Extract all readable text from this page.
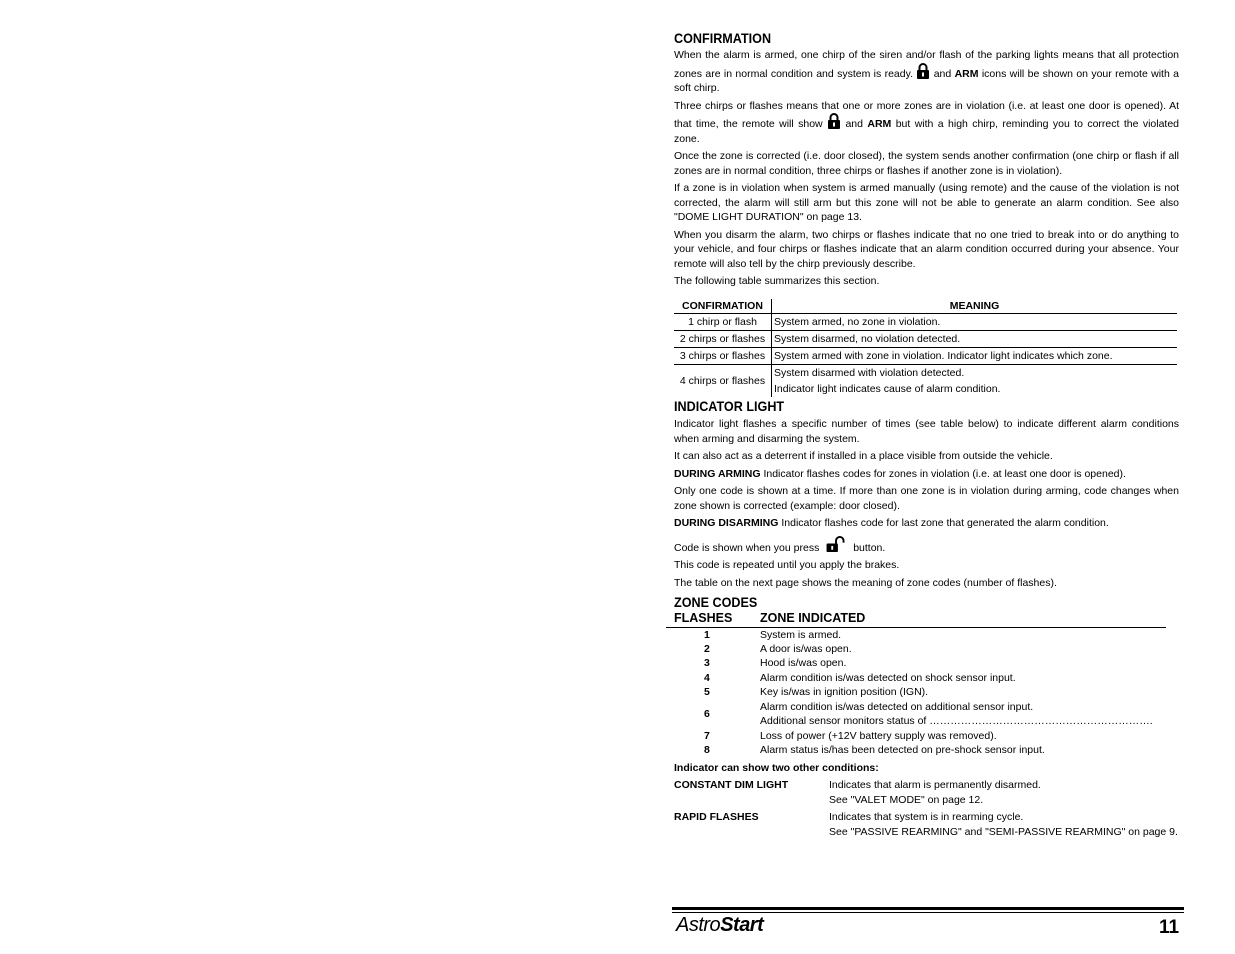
CONFIRMATION

When the alarm is armed, one chirp of the siren and/or flash of the parking lights means that all protection zones are in normal condition and system is ready. and ARM icons will be shown on your remote with a soft chirp.

Three chirps or flashes means that one or more zones are in violation (i.e. at least one door is opened). At that time, the remote will show and ARM but with a high chirp, reminding you to correct the violated zone.

Once the zone is corrected (i.e. door closed), the system sends another confirmation (one chirp or flash if all zones are in normal condition, three chirps or flashes if another zone is in violation).

If a zone is in violation when system is armed manually (using remote) and the cause of the violation is not corrected, the alarm will still arm but this zone will not be able to generate an alarm condition. See also "DOME LIGHT DURATION" on page 13.

When you disarm the alarm, two chirps or flashes indicate that no one tried to break into or do anything to your vehicle, and four chirps or flashes indicate that an alarm condition occurred during your absence. Your remote will also tell by the chirp previously describe.

The following table summarizes this section.

CONFIRMATION	MEANING
1 chirp or flash	System armed, no zone in violation.
2 chirps or flashes	System disarmed, no violation detected.
3 chirps or flashes	System armed with zone in violation. Indicator light indicates which zone.
4 chirps or flashes	System disarmed with violation detected.
Indicator light indicates cause of alarm condition.
INDICATOR LIGHT

Indicator light flashes a specific number of times (see table below) to indicate different alarm conditions when arming and disarming the system.

It can also act as a deterrent if installed in a place visible from outside the vehicle.

DURING ARMING Indicator flashes codes for zones in violation (i.e. at least one door is opened).

Only one code is shown at a time. If more than one zone is in violation during arming, code changes when zone shown is corrected (example: door closed).

DURING DISARMING Indicator flashes code for last zone that generated the alarm condition.

Code is shown when you press	button.

This code is repeated until you apply the brakes.

The table on the next page shows the meaning of zone codes (number of flashes).

ZONE CODES
FLASHES ZONE INDICATED
1	System is armed.
2	A door is/was open.
3	Hood is/was open.
4	Alarm condition is/was detected on shock sensor input.
5	Key is/was in ignition position (IGN).
6
Alarm condition is/was detected on additional sensor input.
Additional sensor monitors status of ……………………………………………………….
7	Loss of power (+12V battery supply was removed).
8	Alarm status is/has been detected on pre-shock sensor input.
Indicator can show two other conditions:
CONSTANT DIM LIGHT	Indicates that alarm is permanently disarmed.
See "VALET MODE" on page 12.
RAPID FLASHES	Indicates that system is in rearming cycle.
See "PASSIVE REARMING" and "SEMI-PASSIVE REARMING" on page 9.
AstroStart	11
